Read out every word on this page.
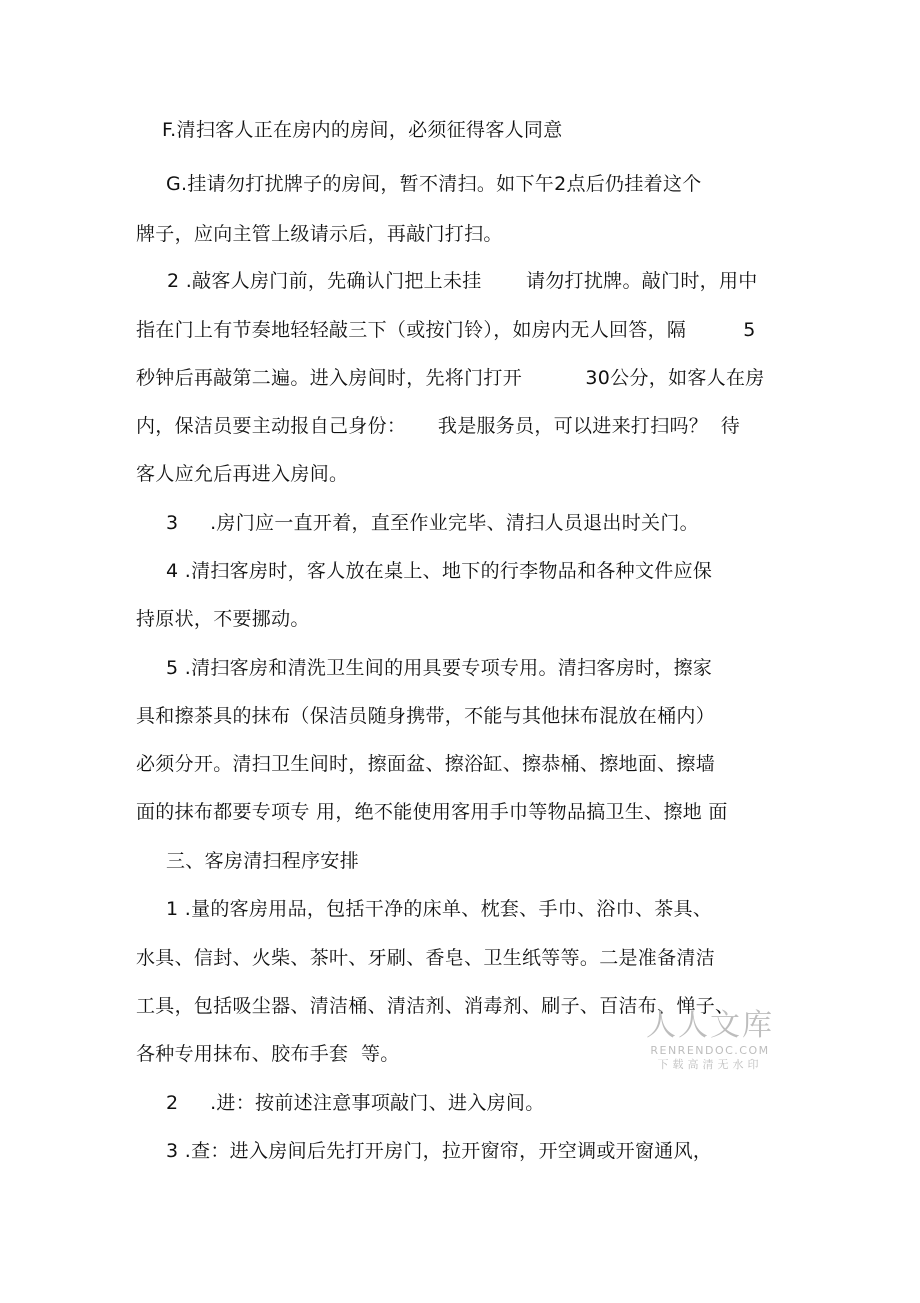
F.清扫客人正在房内的房间，必须征得客人同意
G.挂请勿打扰牌子的房间，暂不清扫。如下午2点后仍挂着这个
牌子，应向主管上级请示后，再敲门打扫。
2 .敲客人房门前，先确认门把上未挂       请勿打扰牌。敲门时，用中
指在门上有节奏地轻轻敲三下（或按门铃），如房内无人回答，隔         5
秒钟后再敲第二遍。进入房间时，先将门打开          30公分，如客人在房
内，保洁员要主动报自己身份：     我是服务员，可以进来打扫吗？  待
客人应允后再进入房间。
3     .房门应一直开着，直至作业完毕、清扫人员退出时关门。
4 .清扫客房时，客人放在桌上、地下的行李物品和各种文件应保
持原状，不要挪动。
5 .清扫客房和清洗卫生间的用具要专项专用。清扫客房时，擦家
具和擦茶具的抹布（保洁员随身携带，不能与其他抹布混放在桶内）
必须分开。清扫卫生间时，擦面盆、擦浴缸、擦恭桶、擦地面、擦墙
面的抹布都要专项专 用，绝不能使用客用手巾等物品搞卫生、擦地 面
三、客房清扫程序安排
1 .量的客房用品，包括干净的床单、枕套、手巾、浴巾、茶具、
水具、信封、火柴、茶叶、牙刷、香皂、卫生纸等等。二是准备清洁
工具，包括吸尘器、清洁桶、清洁剂、消毒剂、刷子、百洁布、惮子、
各种专用抹布、胶布手套  等。
2     .进：按前述注意事项敲门、进入房间。
3 .查：进入房间后先打开房门，拉开窗帘，开空调或开窗通风，
人人文库
RENRENDOC.COM
下载高清无水印
